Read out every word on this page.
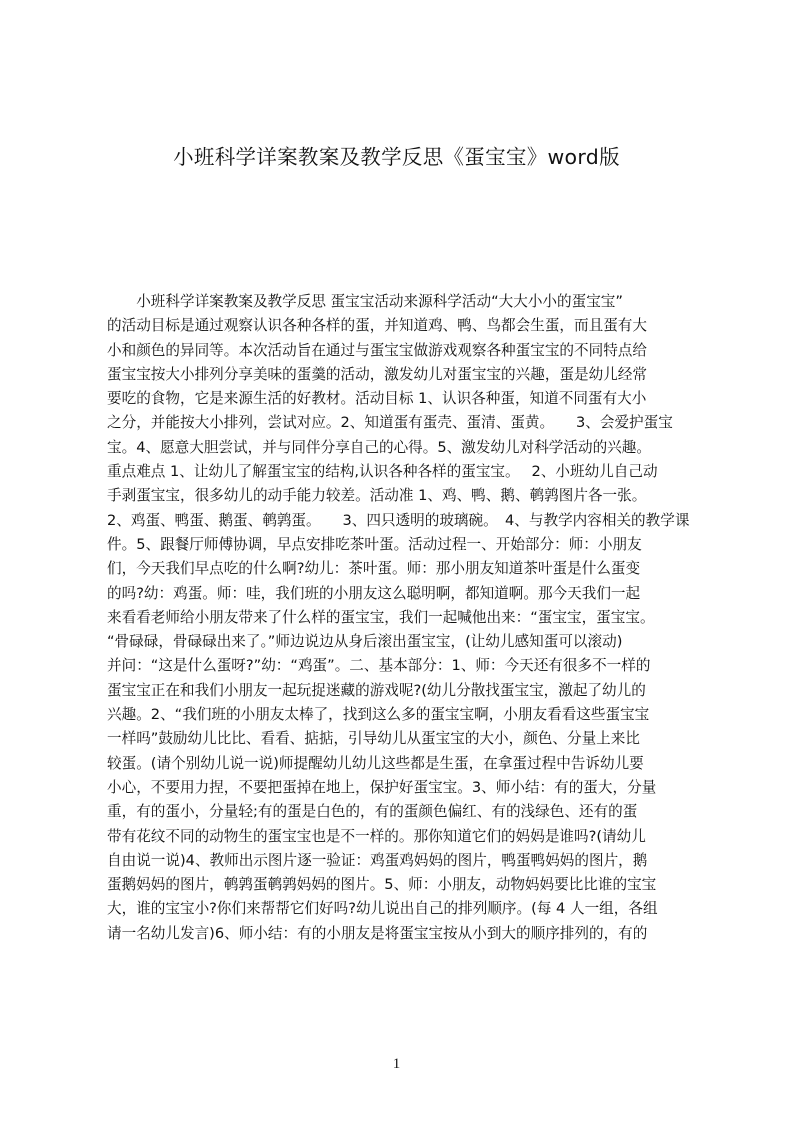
小班科学详案教案及教学反思《蛋宝宝》word版
　　小班科学详案教案及教学反思 蛋宝宝活动来源科学活动“大大小小的蛋宝宝”
的活动目标是通过观察认识各种各样的蛋，并知道鸡、鸭、鸟都会生蛋，而且蛋有大
小和颜色的异同等。本次活动旨在通过与蛋宝宝做游戏观察各种蛋宝宝的不同特点给
蛋宝宝按大小排列分享美味的蛋羹的活动，激发幼儿对蛋宝宝的兴趣，蛋是幼儿经常
要吃的食物，它是来源生活的好教材。活动目标 1、认识各种蛋，知道不同蛋有大小
之分，并能按大小排列，尝试对应。2、知道蛋有蛋壳、蛋清、蛋黄。　　3、会爱护蛋宝
宝。4、愿意大胆尝试，并与同伴分享自己的心得。5、激发幼儿对科学活动的兴趣。
重点难点 1、让幼儿了解蛋宝宝的结构,认识各种各样的蛋宝宝。　 2、小班幼儿自己动
手剥蛋宝宝，很多幼儿的动手能力较差。活动准 1、鸡、鸭、鹅、鹌鹑图片各一张。
2、鸡蛋、鸭蛋、鹅蛋、鹌鹑蛋。　　3、四只透明的玻璃碗。　4、与教学内容相关的教学课
件。5、跟餐厅师傅协调，早点安排吃茶叶蛋。活动过程一、开始部分：师：小朋友
们，今天我们早点吃的什么啊?幼儿：茶叶蛋。师：那小朋友知道茶叶蛋是什么蛋变
的吗?幼：鸡蛋。师：哇，我们班的小朋友这么聪明啊，都知道啊。那今天我们一起
来看看老师给小朋友带来了什么样的蛋宝宝，我们一起喊他出来：“蛋宝宝，蛋宝宝。
“骨碌碌，骨碌碌出来了。”师边说边从身后滚出蛋宝宝，(让幼儿感知蛋可以滚动)
并问：“这是什么蛋呀?”幼：“鸡蛋”。二、基本部分：1、师：今天还有很多不一样的
蛋宝宝正在和我们小朋友一起玩捉迷藏的游戏呢?(幼儿分散找蛋宝宝，激起了幼儿的
兴趣。2、“我们班的小朋友太棒了，找到这么多的蛋宝宝啊，小朋友看看这些蛋宝宝
一样吗”鼓励幼儿比比、看看、掂掂，引导幼儿从蛋宝宝的大小，颜色、分量上来比
较蛋。(请个别幼儿说一说)师提醒幼儿幼儿这些都是生蛋，在拿蛋过程中告诉幼儿要
小心，不要用力捏，不要把蛋掉在地上，保护好蛋宝宝。3、师小结：有的蛋大，分量
重，有的蛋小，分量轻;有的蛋是白色的，有的蛋颜色偏红、有的浅绿色、还有的蛋
带有花纹不同的动物生的蛋宝宝也是不一样的。那你知道它们的妈妈是谁吗?(请幼儿
自由说一说)4、教师出示图片逐一验证：鸡蛋鸡妈妈的图片，鸭蛋鸭妈妈的图片，鹅
蛋鹅妈妈的图片，鹌鹑蛋鹌鹑妈妈的图片。5、师：小朋友，动物妈妈要比比谁的宝宝
大，谁的宝宝小?你们来帮帮它们好吗?幼儿说出自己的排列顺序。(每 4 人一组，各组
请一名幼儿发言)6、师小结：有的小朋友是将蛋宝宝按从小到大的顺序排列的，有的
1
